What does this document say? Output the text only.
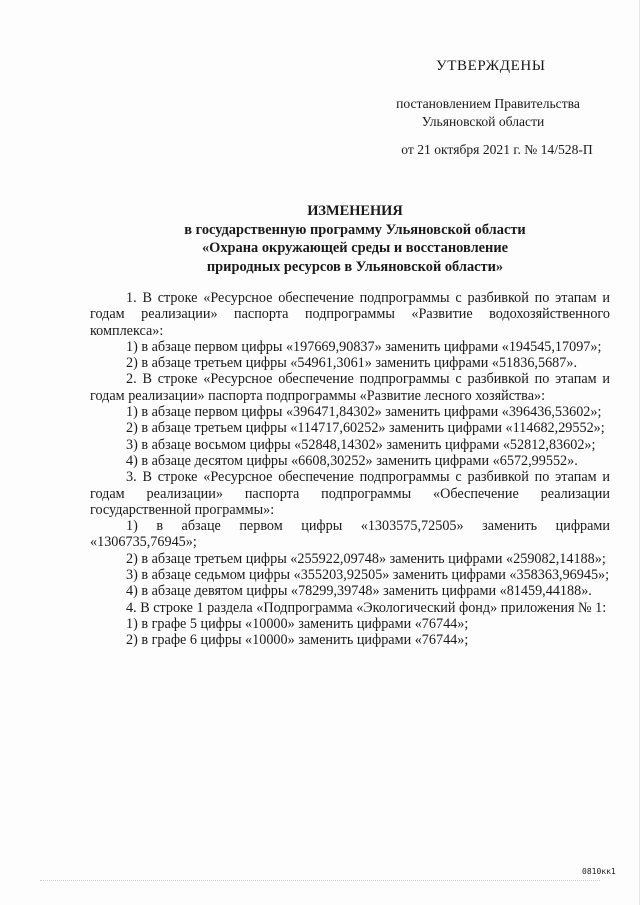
УТВЕРЖДЕНЫ
постановлением Правительства
Ульяновской области
от 21 октября 2021 г. № 14/528-П
ИЗМЕНЕНИЯ
в государственную программу Ульяновской области
«Охрана окружающей среды и восстановление
природных ресурсов в Ульяновской области»

1. В строке «Ресурсное обеспечение подпрограммы с разбивкой по этапам и годам реализации» паспорта подпрограммы «Развитие водохозяйственного комплекса»:

1) в абзаце первом цифры «197669,90837» заменить цифрами «194545,17097»;

2) в абзаце третьем цифры «54961,3061» заменить цифрами «51836,5687».

2. В строке «Ресурсное обеспечение подпрограммы с разбивкой по этапам и годам реализации» паспорта подпрограммы «Развитие лесного хозяйства»:

1) в абзаце первом цифры «396471,84302» заменить цифрами «396436,53602»;

2) в абзаце третьем цифры «114717,60252» заменить цифрами «114682,29552»;

3) в абзаце восьмом цифры «52848,14302» заменить цифрами «52812,83602»;

4) в абзаце десятом цифры «6608,30252» заменить цифрами «6572,99552».

3. В строке «Ресурсное обеспечение подпрограммы с разбивкой по этапам и годам реализации» паспорта подпрограммы «Обеспечение реализации государственной программы»:

1) в абзаце первом цифры «1303575,72505» заменить цифрами «1306735,76945»;

2) в абзаце третьем цифры «255922,09748» заменить цифрами «259082,14188»;

3) в абзаце седьмом цифры «355203,92505» заменить цифрами «358363,96945»;

4) в абзаце девятом цифры «78299,39748» заменить цифрами «81459,44188».

4. В строке 1 раздела «Подпрограмма «Экологический фонд» приложения № 1:

1) в графе 5 цифры «10000» заменить цифрами «76744»;

2) в графе 6 цифры «10000» заменить цифрами «76744»;

0810кк1
